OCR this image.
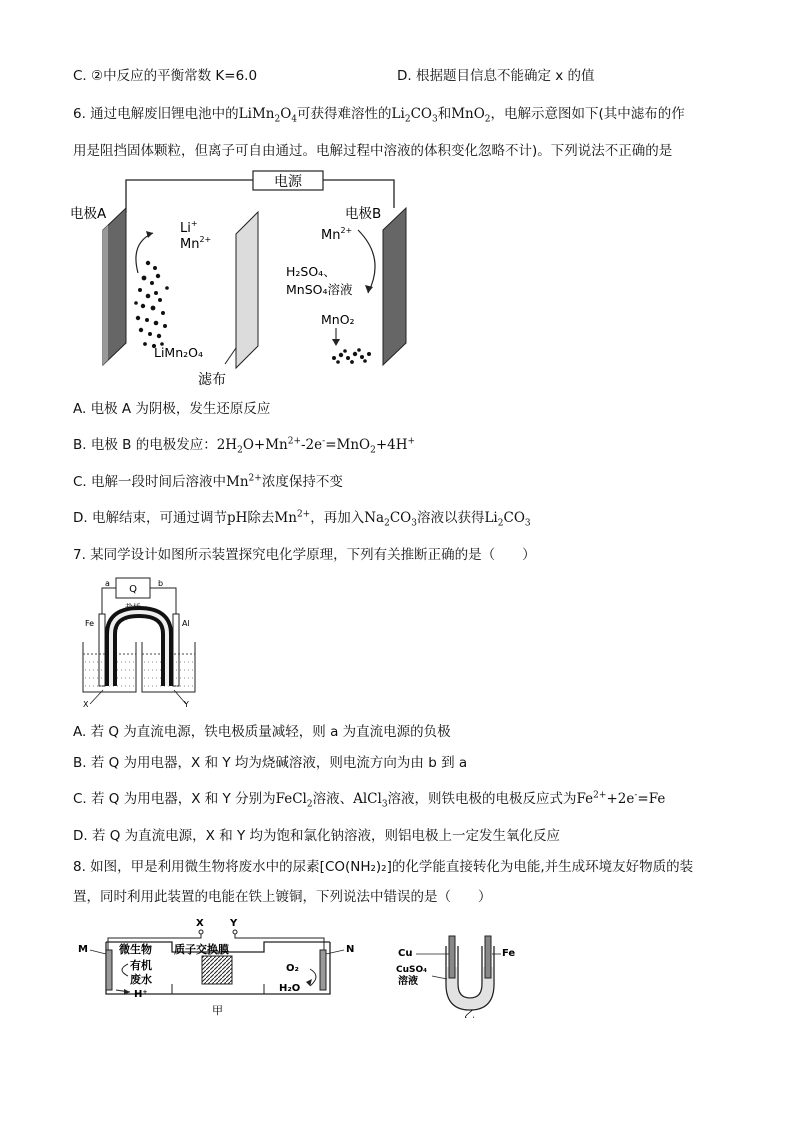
C. ②中反应的平衡常数 K=6.0	D. 根据题目信息不能确定 x 的值
6. 通过电解废旧锂电池中的$LiMn_2O_4$可获得难溶性的$Li_2CO_3$和MnO$_2$，电解示意图如下(其中滤布的作
用是阻挡固体颗粒，但离子可自由通过。电解过程中溶液的体积变化忽略不计)。下列说法不正确的是
电源
电极A	电极B
Li+
$Mn^{2+}$
LiMn₂O₄
滤布
H₂SO₄、
MnSO₄溶液
$Mn^{2+}$
MnO₂
A. 电极 A 为阴极，发生还原反应
B. 电极 B 的电极发应：$2H_2O+Mn^{2+}-2e^-=MnO_2+4H^+$
C. 电解一段时间后溶液中$Mn^{2+}$浓度保持不变
D. 电解结束，可通过调节pH除去$Mn^{2+}$，再加入$Na_2CO_3$溶液以获得$Li_2CO_3$
7. 某同学设计如图所示装置探究电化学原理，下列有关推断正确的是（　　）
Q
a	b
盐桥
Fe	Al
X	Y
A. 若 Q 为直流电源，铁电极质量减轻，则 a 为直流电源的负极
B. 若 Q 为用电器，X 和 Y 均为烧碱溶液，则电流方向为由 b 到 a
C. 若 Q 为用电器，X 和 Y 分别为FeCl$_2$溶液、AlCl$_3$溶液，则铁电极的电极反应式为$Fe^{2+}+2e^-=Fe$
D. 若 Q 为直流电源，X 和 Y 均为饱和氯化钠溶液，则铝电极上一定发生氧化反应
8. 如图，甲是利用微生物将废水中的尿素[CO(NH₂)₂]的化学能直接转化为电能,并生成环境友好物质的装
置，同时利用此装置的电能在铁上镀铜，下列说法中错误的是（　　）
X	Y
M	N
微生物 质子交换膜
有机
废水
H⁺
O₂
H₂O
甲
Cu	Fe
CuSO₄
溶液
乙
